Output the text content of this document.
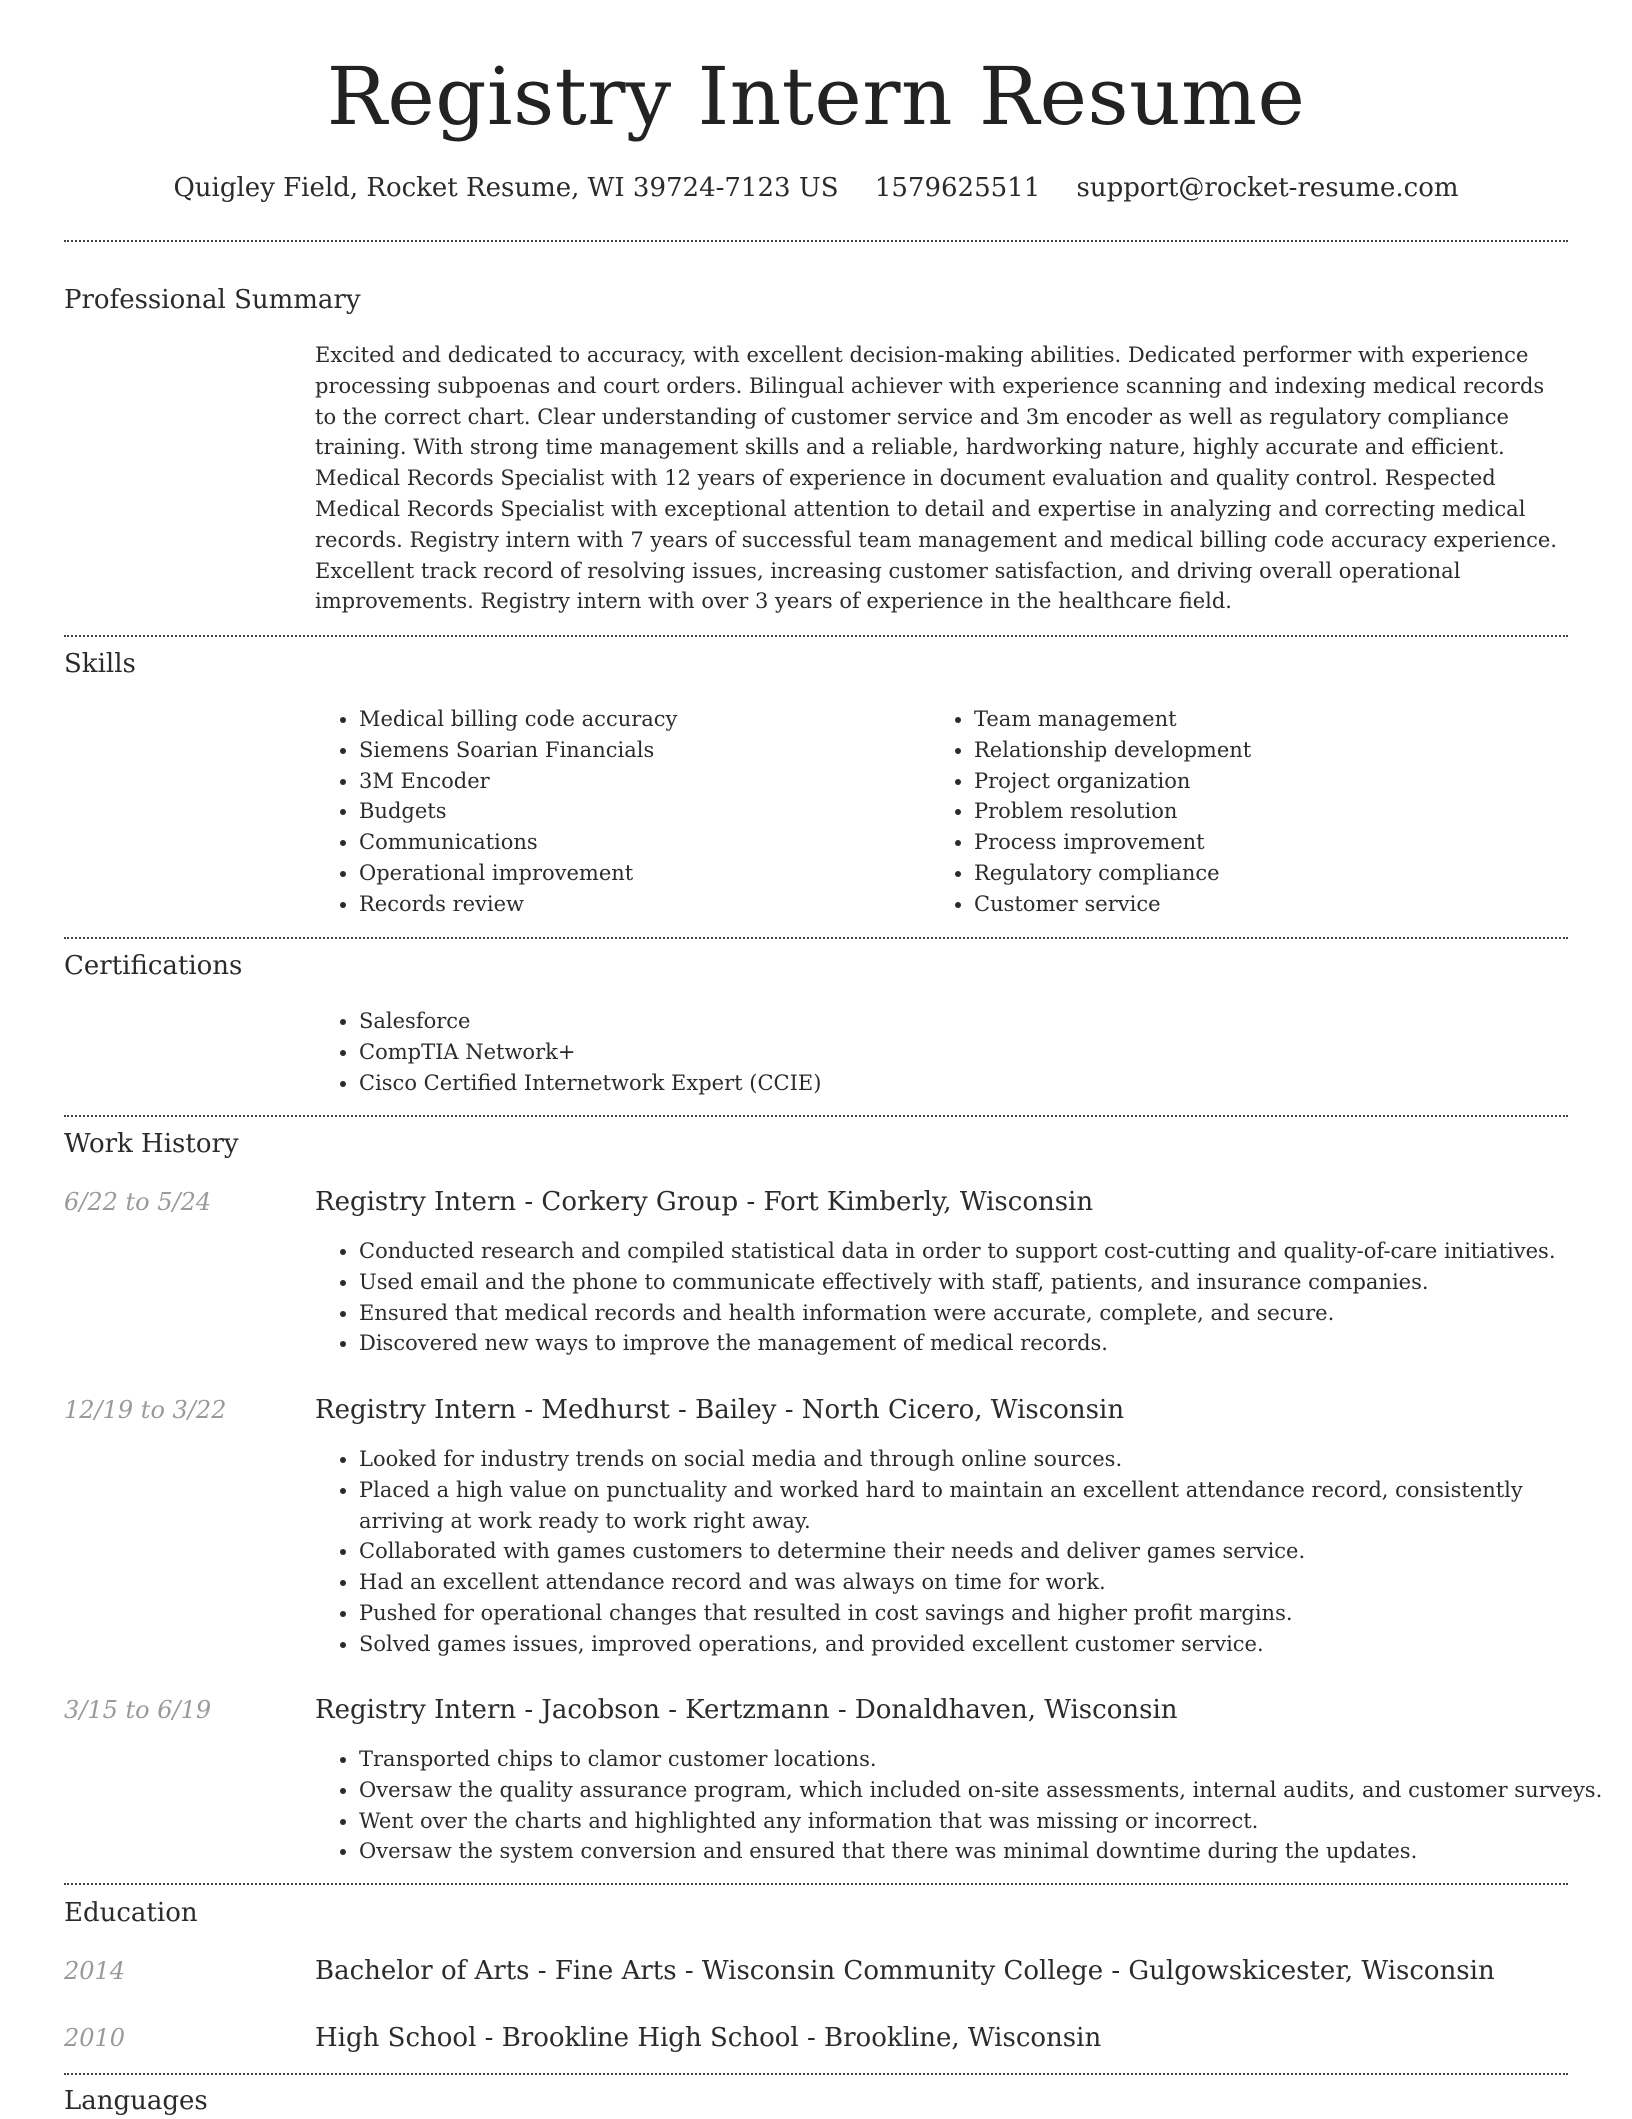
Registry Intern Resume
Quigley Field, Rocket Resume, WI 39724-7123 US 1579625511 support@rocket-resume.com
Professional Summary

Excited and dedicated to accuracy, with excellent decision-making abilities. Dedicated performer with experience processing subpoenas and court orders. Bilingual achiever with experience scanning and indexing medical records to the correct chart. Clear understanding of customer service and 3m encoder as well as regulatory compliance training. With strong time management skills and a reliable, hardworking nature, highly accurate and efficient. Medical Records Specialist with 12 years of experience in document evaluation and quality control. Respected Medical Records Specialist with exceptional attention to detail and expertise in analyzing and correcting medical records. Registry intern with 7 years of successful team management and medical billing code accuracy experience. Excellent track record of resolving issues, increasing customer satisfaction, and driving overall operational improvements. Registry intern with over 3 years of experience in the healthcare field.

Skills
• Medical billing code accuracy
• Siemens Soarian Financials
• 3M Encoder
• Budgets
• Communications
• Operational improvement
• Records review
• Team management
• Relationship development
• Project organization
• Problem resolution
• Process improvement
• Regulatory compliance
• Customer service
Certifications
• Salesforce
• CompTIA Network+
• Cisco Certified Internetwork Expert (CCIE)
Work History
6/22 to 5/24	Registry Intern - Corkery Group - Fort Kimberly, Wisconsin
• Conducted research and compiled statistical data in order to support cost-cutting and quality-of-care initiatives.
• Used email and the phone to communicate effectively with staff, patients, and insurance companies.
• Ensured that medical records and health information were accurate, complete, and secure.
• Discovered new ways to improve the management of medical records.
12/19 to 3/22	Registry Intern - Medhurst - Bailey - North Cicero, Wisconsin
• Looked for industry trends on social media and through online sources.
• Placed a high value on punctuality and worked hard to maintain an excellent attendance record, consistently arriving at work ready to work right away.
• Collaborated with games customers to determine their needs and deliver games service.
• Had an excellent attendance record and was always on time for work.
• Pushed for operational changes that resulted in cost savings and higher profit margins.
• Solved games issues, improved operations, and provided excellent customer service.
3/15 to 6/19	Registry Intern - Jacobson - Kertzmann - Donaldhaven, Wisconsin
• Transported chips to clamor customer locations.
• Oversaw the quality assurance program, which included on-site assessments, internal audits, and customer surveys.
• Went over the charts and highlighted any information that was missing or incorrect.
• Oversaw the system conversion and ensured that there was minimal downtime during the updates.
Education
2014	Bachelor of Arts - Fine Arts - Wisconsin Community College - Gulgowskicester, Wisconsin
2010	High School - Brookline High School - Brookline, Wisconsin
Languages
